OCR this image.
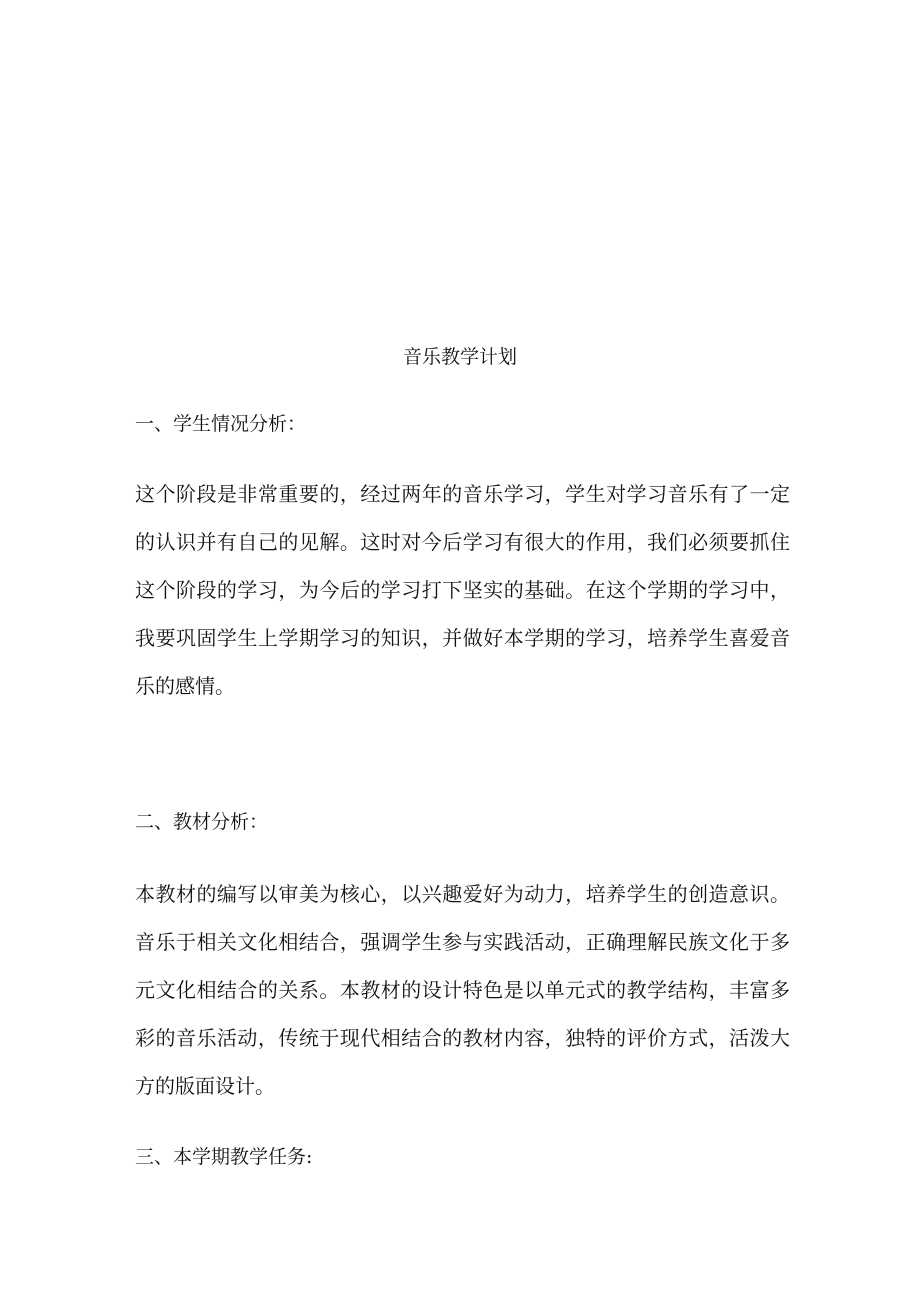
音乐教学计划
一、学生情况分析：
这个阶段是非常重要的，经过两年的音乐学习，学生对学习音乐有了一定
的认识并有自己的见解。这时对今后学习有很大的作用，我们必须要抓住
这个阶段的学习，为今后的学习打下坚实的基础。在这个学期的学习中，
我要巩固学生上学期学习的知识，并做好本学期的学习，培养学生喜爱音
乐的感情。
二、教材分析：
本教材的编写以审美为核心，以兴趣爱好为动力，培养学生的创造意识。
音乐于相关文化相结合，强调学生参与实践活动，正确理解民族文化于多
元文化相结合的关系。本教材的设计特色是以单元式的教学结构，丰富多
彩的音乐活动，传统于现代相结合的教材内容，独特的评价方式，活泼大
方的版面设计。
三、本学期教学任务:
